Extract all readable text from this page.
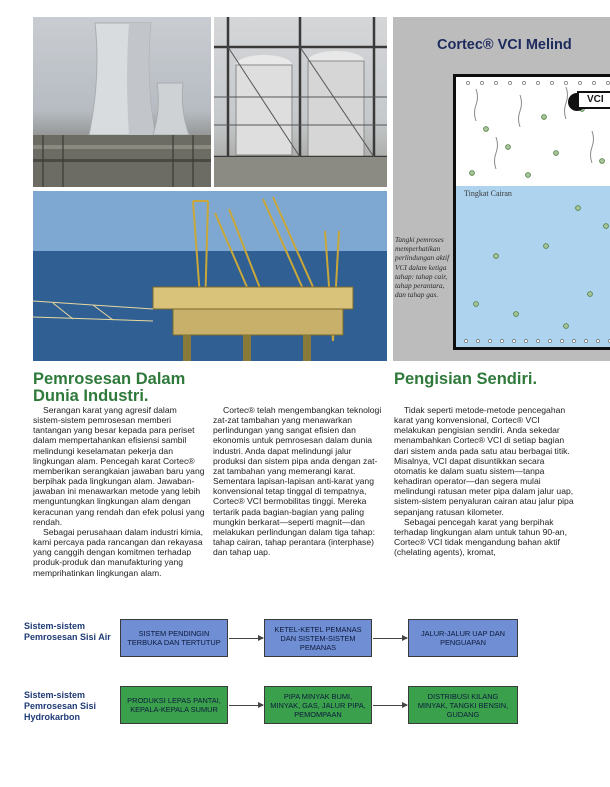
Cortec® VCI Melind
Tingkat Cairan
VCI
Tangki pemroses memperhatikan perlindungan aktif VCI dalam ketiga tahap: tahap cair, tahap perantara, dan tahap gas.
Pemrosesan Dalam Dunia Industri.
Pengisian Sendiri.

Serangan karat yang agresif dalam sistem-sistem pemrosesan memberi tantangan yang besar kepada para periset dalam mempertahankan efisiensi sambil melindungi keselamatan pekerja dan lingkungan alam. Pencegah karat Cortec® memberikan serangkaian jawaban baru yang berpihak pada lingkungan alam. Jawaban-jawaban ini menawarkan metode yang lebih menguntungkan lingkungan alam dengan keracunan yang rendah dan efek polusi yang rendah.

Sebagai perusahaan dalam industri kimia, kami percaya pada rancangan dan rekayasa yang canggih dengan komitmen terhadap produk-produk dan manufakturing yang memprihatinkan lingkungan alam.

Cortec® telah mengembangkan teknologi zat-zat tambahan yang menawarkan perlindungan yang sangat efisien dan ekonomis untuk pemrosesan dalam dunia industri. Anda dapat melindungi jalur produksi dan sistem pipa anda dengan zat-zat tambahan yang memerangi karat. Sementara lapisan-lapisan anti-karat yang konvensional tetap tinggal di tempatnya, Cortec® VCI bermobilitas tinggi. Mereka tertarik pada bagian-bagian yang paling mungkin berkarat—seperti magnit—dan melakukan perlindungan dalam tiga tahap: tahap cairan, tahap perantara (interphase) dan tahap uap.

Tidak seperti metode-metode pencegahan karat yang konvensional, Cortec® VCI melakukan pengisian sendiri. Anda sekedar menambahkan Cortec® VCI di setiap bagian dari sistem anda pada satu atau berbagai titik. Misalnya, VCI dapat disuntikkan secara otomatis ke dalam suatu sistem—tanpa kehadiran operator—dan segera mulai melindungi ratusan meter pipa dalam jalur uap, sistem-sistem penyaluran cairan atau jalur pipa sepanjang ratusan kilometer.

Sebagai pencegah karat yang berpihak terhadap lingkungan alam untuk tahun 90-an, Cortec® VCI tidak mengandung bahan aktif (chelating agents), kromat,

Sistem-sistem Pemrosesan Sisi Air	SISTEM PENDINGIN TERBUKA DAN TERTUTUP
KETEL-KETEL PEMANAS DAN SISTEM-SISTEM PEMANAS
JALUR-JALUR UAP DAN PENGUAPAN
Sistem-sistem Pemrosesan Sisi Hydrokarbon
PRODUKSI LEPAS PANTAI, KEPALA-KEPALA SUMUR
PIPA MINYAK BUMI, MINYAK, GAS, JALUR PIPA, PEMOMPAAN
DISTRIBUSI KILANG MINYAK, TANGKI BENSIN, GUDANG
